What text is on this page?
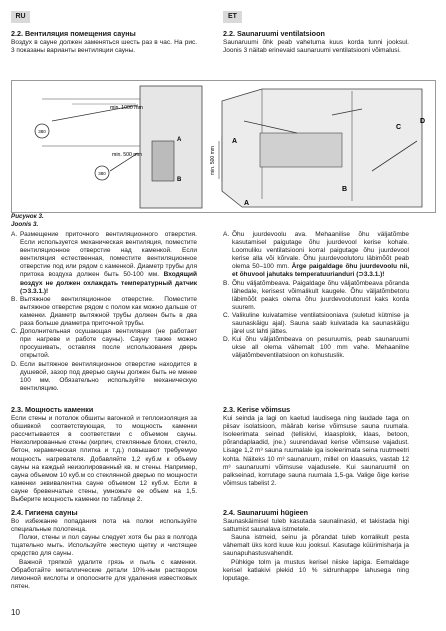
RU	ET
2.2. Вентиляция помещения сауны

Воздух в сауне должен заменяться шесть раз в час. На рис. 3 показаны варианты вентиляции сауны.

2.2. Saunaruumi ventilatsioon

Saunaruumi õhk peab vahetuma kuus korda tunni jooksul. Joonis 3 näitab erinevaid saunaruumi ventilatsiooni võimalusi.

380
380
min. 1000 mm
min. 500 mm
A
B
min. 500 mm
A
A
B
C
D
Рисунок 3.
Joonis 3.
A. Размещение приточного вентиляционного отверстия. Если используется механическая вентиляция, поместите вентиляционное отверстие над каменкой. Если вентиляция естественная, поместите вентиляционное отверстие под или рядом с каменкой. Диаметр трубы для притока воздуха должен быть 50-100 мм. Входящий воздух не должен охлаждать температурный датчик (⊃3.3.1.)!
B. Вытяжное вентиляционное отверстие. Поместите вытяжное отверстие рядом с полом как можно дальше от каменки. Диаметр вытяжной трубы должен быть в два раза больше диаметра приточной трубы.
C. Дополнительная осушающая вентиляция (не работает при нагреве и работе сауны). Сауну также можно просушивать, оставляя после использования дверь открытой.
D. Если вытяжное вентиляционное отверстие находится в душевой, зазор под дверью сауны должен быть не менее 100 мм. Обязательно используйте механическую вентиляцию.
A. Õhu juurdevoolu ava. Mehaanilise õhu väljatõmbe kasutamisel paigutage õhu juurdevool kerise kohale. Loomuliku ventilatsiooni korral paigutage õhu juurdevool kerise alla või kõrvale. Õhu juurdevoolutoru läbimõõt peab olema 50–100 mm. Ärge paigaldage õhu juurdevoolu nii, et õhuvool jahutaks temperatuurianduri (⊃3.3.1.)!
B. Õhu väljatõmbeava. Paigaldage õhu väljatõmbeava põranda lähedale, kerisest võimalikult kaugele. Õhu väljatõmbetoru läbimõõt peaks olema õhu juurdevoolutorust kaks korda suurem.
C. Valikuline kuivatamise ventilatsiooniava (suletud kütmise ja saunaskäigu ajal). Sauna saab kuivatada ka saunaskäigu järel ust lahti jättes.
D. Kui õhu väljatõmbeava on pesuruumis, peab saunaruumi ukse all olema vähemalt 100 mm vahe. Mehaanilne väljatõmbeventilatsioon on kohustuslik.
2.3. Мощность каменки

Если стены и потолок обшиты вагонкой и теплоизоляция за обшивкой соответствующая, то мощность каменки рассчитывается в соответствии с объемом сауны. Неизолированные стены (кирпич, стеклянные блоки, стекло, бетон, керамическая плитка и т.д.) повышают требуемую мощность нагревателя. Добавляйте 1,2 куб.м к объему сауны на каждый неизолированный кв. м стены. Например, сауна объемом 10 куб.м со стеклянной дверью по мощности каменки эквивалентна сауне объемом 12 куб.м. Если в сауне бревенчатые стены, умножьте ее объем на 1,5. Выберите мощность каменки по таблице 2.

2.3. Kerise võimsus

Kui seinda ja lagi on kaetud laudisega ning laudade taga on piisav isolatsioon, määrab kerise võimsuse sauna ruumala. Isoleerimata seinad (telliskivi, klaasplokk, klaas, betoon, põrandaplaadid, jne.) suurendavad kerise võimsuse vajadust. Lisage 1,2 m³ sauna ruumalale iga isoleerimata seina ruutmeetri kohta. Näiteks 10 m³ saunaruum, millel on klaasuks, vastab 12 m³ saunaruumi võimsuse vajadusele. Kui saunaruumil on palkseinad, korrutage sauna ruumala 1,5-ga. Valige õige kerise võimsus tabelist 2.

2.4. Гигиена сауны

Во избежание попадания пота на полки используйте специальные полотенца.

Полки, стены и пол сауны следует хотя бы раз в полгода тщательно мыть. Используйте жесткую щетку и чистящее средство для сауны.

Важной тряпкой удалите грязь и пыль с каменки. Обработайте металлические детали 10%-ным раствором лимонной кислоты и ополосните для удаления известковых пятен.

2.4. Saunaruumi hügieen

Saunaskäimisel tuleb kasutada saunalinasid, et takistada higi sattumist saunalava istmetele.

Sauna istmeid, seinu ja põrandat tuleb korralikult pesta vähemalt üks kord kuue kuu jooksul. Kasutage küürimisharja ja saunapuhastusvahendit.

Pühkige tolm ja mustus kerisel niiske lapiga. Eemaldage kerisel katlakivi plekid 10 % sidrunhappe lahusega ning loputage.

10
